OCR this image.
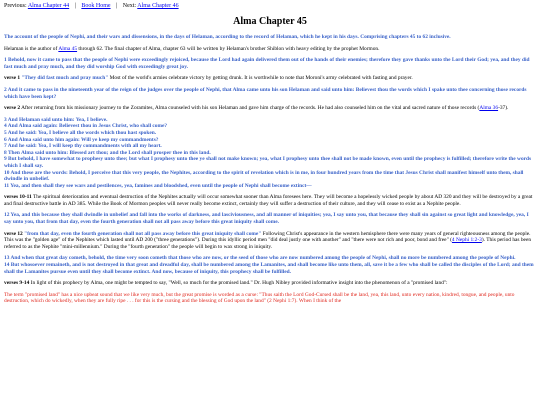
Previous: Alma Chapter 44 | Book Home | Next: Alma Chapter 46
Alma Chapter 45

The account of the people of Nephi, and their wars and dissensions, in the days of Helaman, according to the record of Helaman, which he kept in his days. Comprising chapters 45 to 62 inclusive.

Helaman is the author of Alma 45 through 62. The final chapter of Alma, chapter 63 will be written by Helaman's brother Shiblon with heavy editing by the prophet Mormon.

1 Behold, now it came to pass that the people of Nephi were exceedingly rejoiced, because the Lord had again delivered them out of the hands of their enemies; therefore they gave thanks unto the Lord their God; yea, and they did fast much and pray much, and they did worship God with exceedingly great joy.

verse 1 "They did fast much and pray much" Most of the world's armies celebrate victory by getting drunk. It is worthwhile to note that Moroni's army celebrated with fasting and prayer.

2 And it came to pass in the nineteenth year of the reign of the judges over the people of Nephi, that Alma came unto his son Helaman and said unto him: Believest thou the words which I spake unto thee concerning those records which have been kept?

verse 2 After returning from his missionary journey to the Zoramites, Alma counseled with his son Helaman and gave him charge of the records. He had also counseled him on the vital and sacred nature of those records (Alma 36-37).

3 And Helaman said unto him: Yea, I believe.
4 And Alma said again: Believest thou in Jesus Christ, who shall come?
5 And he said: Yea, I believe all the words which thou hast spoken.
6 And Alma said unto him again: Will ye keep my commandments?
7 And he said: Yea, I will keep thy commandments with all my heart.
8 Then Alma said unto him: Blessed art thou; and the Lord shall prosper thee in this land.
9 But behold, I have somewhat to prophesy unto thee; but what I prophesy unto thee ye shall not make known; yea, what I prophesy unto thee shall not be made known, even until the prophecy is fulfilled; therefore write the words which I shall say.
10 And these are the words: Behold, I perceive that this very people, the Nephites, according to the spirit of revelation which is in me, in four hundred years from the time that Jesus Christ shall manifest himself unto them, shall dwindle in unbelief.
11 Yea, and then shall they see wars and pestilences, yea, famines and bloodshed, even until the people of Nephi shall become extinct—

verses 10-11 The spiritual deterioration and eventual destruction of the Nephites actually will occur somewhat sooner than Alma foresees here. They will become a hopelessly wicked people by about AD 320 and they will be destroyed by a great and final destructive battle in AD 385. While the Book of Mormon peoples will never really become extinct, certainly they will suffer a destruction of their culture, and they will cease to exist as a Nephite people.

12 Yea, and this because they shall dwindle in unbelief and fall into the works of darkness, and lasciviousness, and all manner of iniquities; yea, I say unto you, that because they shall sin against so great light and knowledge, yea, I say unto you, that from that day, even the fourth generation shall not all pass away before this great iniquity shall come.

verse 12 "from that day, even the fourth generation shall not all pass away before this great iniquity shall come" Following Christ's appearance in the western hemisphere there were many years of general righteousness among the people. This was the "golden age" of the Nephites which lasted until AD 200 ("three generations"). During this idyllic period men "did deal justly one with another" and "there were not rich and poor, bond and free" (4 Nephi 1:2-3). This period has been referred to as the Nephite "mini-millennium." During the "fourth generation" the people will begin to wax strong in iniquity.

13 And when that great day cometh, behold, the time very soon cometh that those who are now, or the seed of those who are now numbered among the people of Nephi, shall no more be numbered among the people of Nephi.
14 But whosoever remaineth, and is not destroyed in that great and dreadful day, shall be numbered among the Lamanites, and shall become like unto them, all, save it be a few who shall be called the disciples of the Lord; and them shall the Lamanites pursue even until they shall become extinct. And now, because of iniquity, this prophecy shall be fulfilled.

verses 9-14 In light of this prophecy by Alma, one might be tempted to say, "Well, so much for the promised land." Dr. Hugh Nibley provided informative insight into the phenomenon of a "promised land":

The term "promised land" has a nice upbeat sound that we like very much, but the great promise is worded as a curse: "Thus saith the Lord God-Cursed shall be the land, yea, this land, unto every nation, kindred, tongue, and people, unto destruction, which do wickedly, when they are fully ripe . . . for this is the cursing and the blessing of God upon the land" (2 Nephi 1:7). When I think of the
